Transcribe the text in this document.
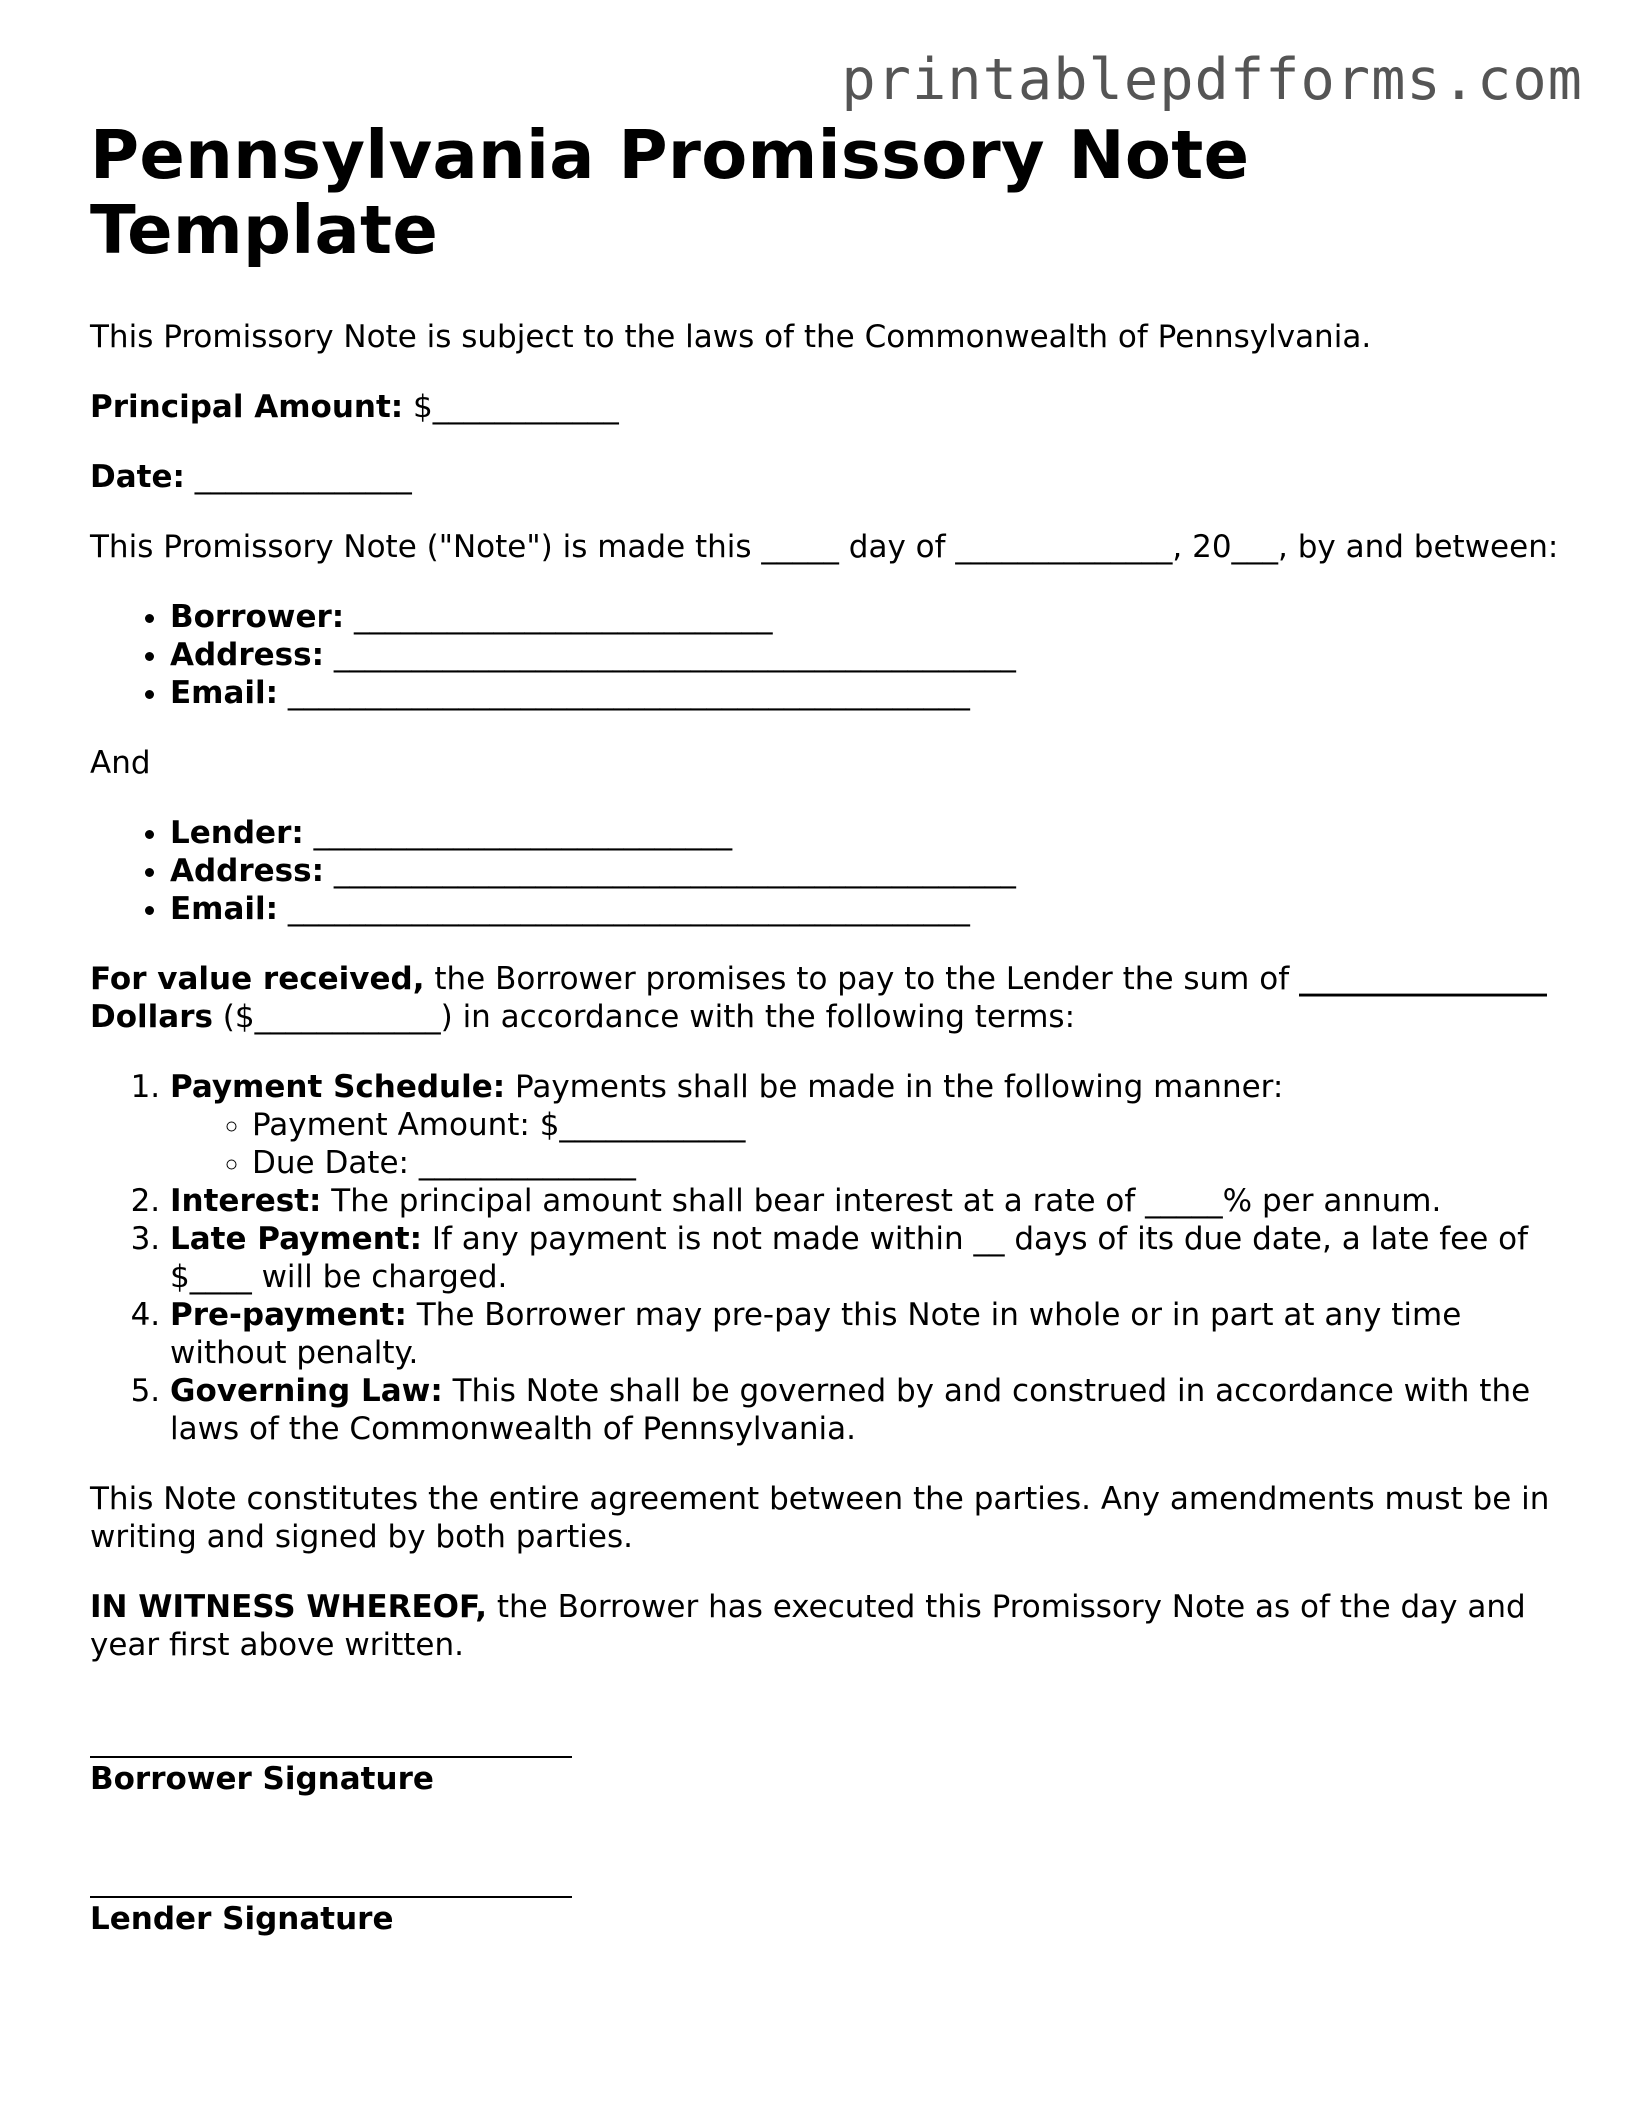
printablepdfforms.com
Pennsylvania Promissory Note Template

This Promissory Note is subject to the laws of the Commonwealth of Pennsylvania.

Principal Amount: $____________

Date: ______________

This Promissory Note ("Note") is made this _____ day of ______________, 20___, by and between:

• Borrower: ___________________________
• Address: ____________________________________________
• Email: ____________________________________________

And

• Lender: ___________________________
• Address: ____________________________________________
• Email: ____________________________________________

For value received, the Borrower promises to pay to the Lender the sum of ________________ Dollars ($____________) in accordance with the following terms:

1. Payment Schedule: Payments shall be made in the following manner:
◦ Payment Amount: $____________
◦ Due Date: ______________
2. Interest: The principal amount shall bear interest at a rate of _____% per annum.
3. Late Payment: If any payment is not made within __ days of its due date, a late fee of $____ will be charged.
4. Pre-payment: The Borrower may pre-pay this Note in whole or in part at any time without penalty.
5. Governing Law: This Note shall be governed by and construed in accordance with the laws of the Commonwealth of Pennsylvania.

This Note constitutes the entire agreement between the parties. Any amendments must be in writing and signed by both parties.

IN WITNESS WHEREOF, the Borrower has executed this Promissory Note as of the day and year first above written.

Borrower Signature
Lender Signature
